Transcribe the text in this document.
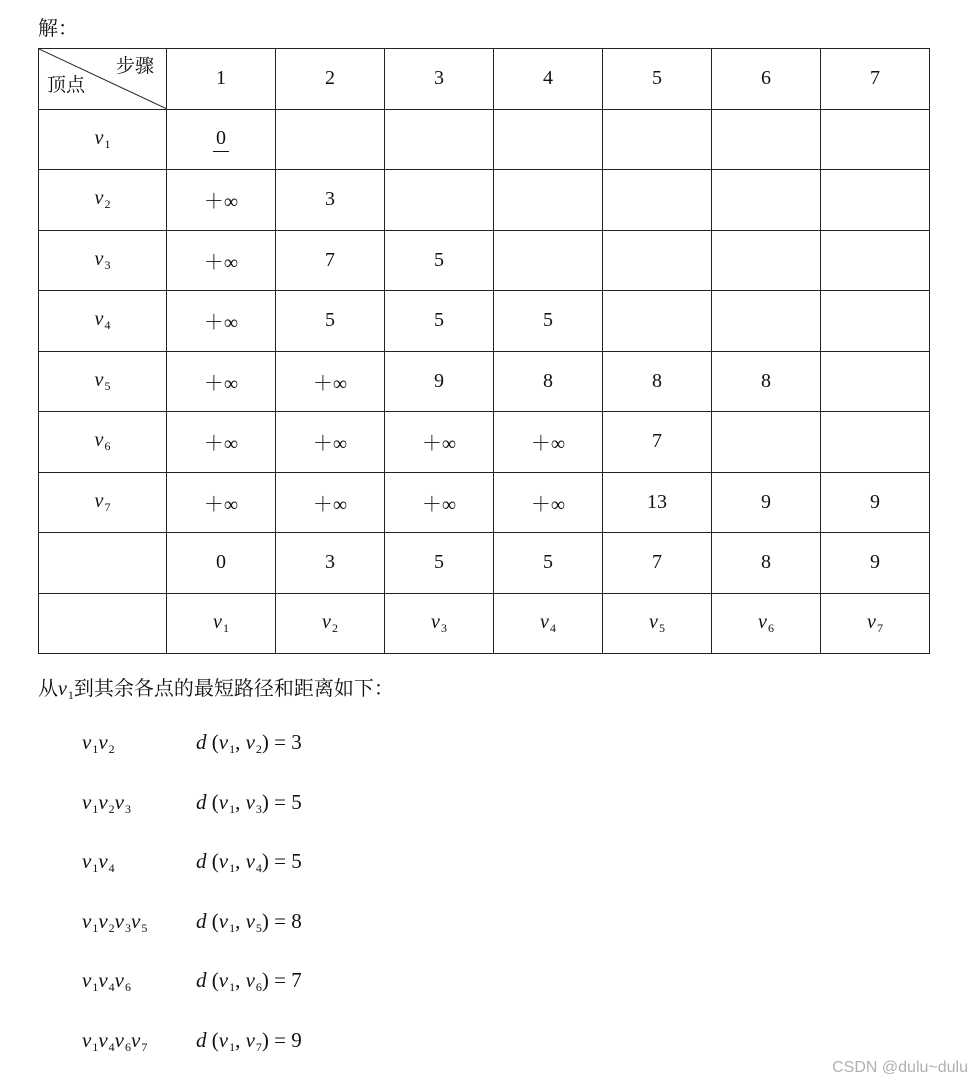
解：
步骤
顶点	1	2	3	4	5	6	7
$v_1$	0						
$v_2$	＋∞	3					
$v_3$	＋∞	7	5				
$v_4$	＋∞	5	5	5			
$v_5$	＋∞	＋∞	9	8	8	8	
$v_6$	＋∞	＋∞	＋∞	＋∞	7		
$v_7$	＋∞	＋∞	＋∞	＋∞	13	9	9
	0	3	5	5	7	8	9
	$v_1$	$v_2$	$v_3$	$v_4$	$v_5$	$v_6$	$v_7$
从$v_1$到其余各点的最短路径和距离如下：
$v_1v_2$	d ($v_1$, $v_2) = 3$
$v_1v_2v_3$	d ($v_1$, $v_3) = 5$
$v_1v_4$	d ($v_1$, $v_4) = 5$
$v_1v_2v_3v_5$ d ($v_1$, $v_5) = 8$
$v_1v_4v_6$	d ($v_1$, $v_6) = 7$
$v_1v_4v_6v_7$ d ($v_1$, $v_7) = 9$
CSDN @dulu~dulu
